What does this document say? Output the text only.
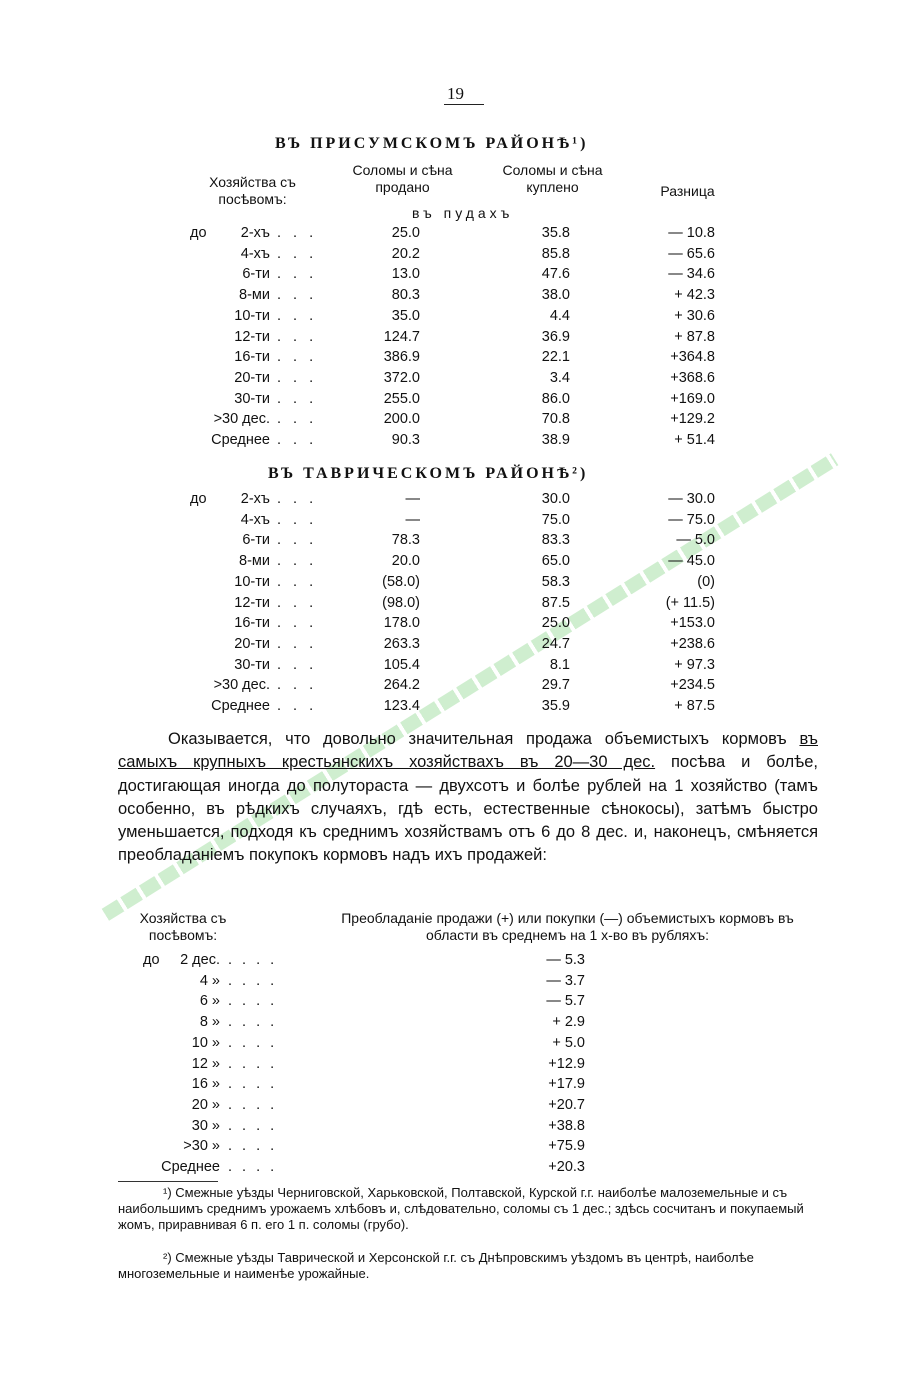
19
ВЪ ПРИСУМСКОМЪ РАЙОНѢ¹)
Хозяйства съ посѣвомъ:
Соломы и сѣна продано
Соломы и сѣна куплено	Разница
въ пудахъ
до	2-хъ . . .	25.0	35.8	— 10.8
4-хъ . . .	20.2	85.8	— 65.6
6-ти . . .	13.0	47.6	— 34.6
8-ми . . .	80.3	38.0	+ 42.3
10-ти . . .	35.0	4.4	+ 30.6
12-ти . . .	124.7	36.9	+ 87.8
16-ти . . .	386.9	22.1	+364.8
20-ти . . .	372.0	3.4	+368.6
30-ти . . .	255.0	86.0	+169.0
>30 дес. . . .	200.0	70.8	+129.2
Среднее . . .	90.3	38.9	+ 51.4
ВЪ ТАВРИЧЕСКОМЪ РАЙОНѢ²)
до	2-хъ . . .	—	30.0	— 30.0
4-хъ . . .	—	75.0	— 75.0
6-ти . . .	78.3	83.3	— 5.0
8-ми . . .	20.0	65.0	— 45.0
10-ти . . .	(58.0)	58.3	(0)
12-ти . . .	(98.0)	87.5	(+ 11.5)
16-ти . . .	178.0	25.0	+153.0
20-ти . . .	263.3	24.7	+238.6
30-ти . . .	105.4	8.1	+ 97.3
>30 дес. . . .	264.2	29.7	+234.5
Среднее . . .	123.4	35.9	+ 87.5
Оказывается, что довольно значительная продажа объемистыхъ кормовъ въ самыхъ крупныхъ крестьянскихъ хозяйствахъ въ 20—30 дес. посѣва и болѣе, достигающая иногда до полутораста — двухсотъ и болѣе рублей на 1 хозяйство (тамъ особенно, въ рѣдкихъ случаяхъ, гдѣ есть, естественные сѣнокосы), затѣмъ быстро уменьшается, подходя къ среднимъ хозяйствамъ отъ 6 до 8 дес. и, наконецъ, смѣняется преобладаніемъ покупокъ кормовъ надъ ихъ продажей:
Хозяйства съ посѣвомъ:
Преобладаніе продажи (+) или покупки (—) объемистыхъ кормовъ въ области въ среднемъ на 1 х-во въ рубляхъ:
до	2 дес. . . . .	— 5.3
4 » . . . .	— 3.7
6 » . . . .	— 5.7
8 » . . . .	+ 2.9
10 » . . . .	+ 5.0
12 » . . . .	+12.9
16 » . . . .	+17.9
20 » . . . .	+20.7
30 » . . . .	+38.8
>30 » . . . .	+75.9
Среднее . . . .	+20.3
¹) Смежные уѣзды Черниговской, Харьковской, Полтавской, Курской г.г. наиболѣе малоземельные и съ наибольшимъ среднимъ урожаемъ хлѣбовъ и, слѣдовательно, соломы съ 1 дес.; здѣсь сосчитанъ и покупаемый жомъ, приравнивая 6 п. его 1 п. соломы (грубо).
²) Смежные уѣзды Таврической и Херсонской г.г. съ Днѣпровскимъ уѣздомъ въ центрѣ, наиболѣе многоземельные и наименѣе урожайные.
